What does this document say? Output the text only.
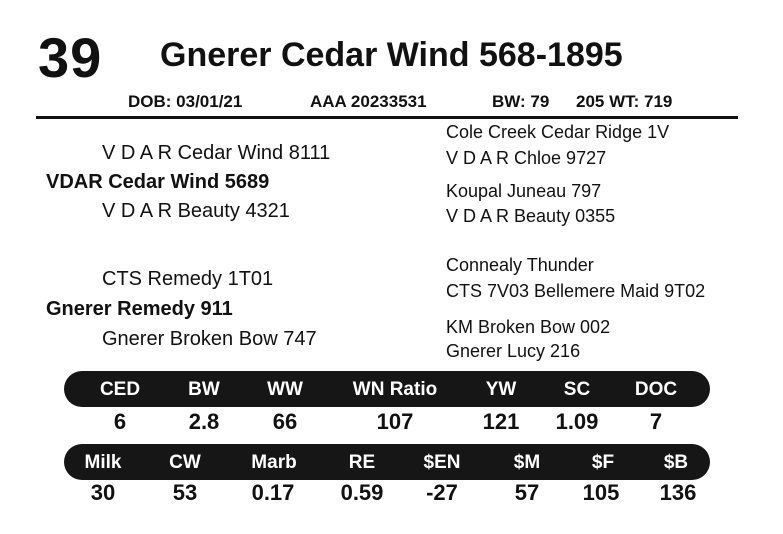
39 Gnerer Cedar Wind 568-1895
DOB: 03/01/21	AAA 20233531	BW: 79 205 WT: 719
V D A R Cedar Wind 8111
VDAR Cedar Wind 5689
V D A R Beauty 4321
Cole Creek Cedar Ridge 1V
V D A R Chloe 9727
Koupal Juneau 797
V D A R Beauty 0355
CTS Remedy 1T01
Gnerer Remedy 911
Gnerer Broken Bow 747
Connealy Thunder
CTS 7V03 Bellemere Maid 9T02
KM Broken Bow 002
Gnerer Lucy 216
CED	BW WW	WN Ratio	YW SC DOC
6	2.8 66	107	121 1.09 7
Milk	CW	Marb	RE	$EN	$M	$F	$B
30	53 0.17 0.59 -27	57 105 136
